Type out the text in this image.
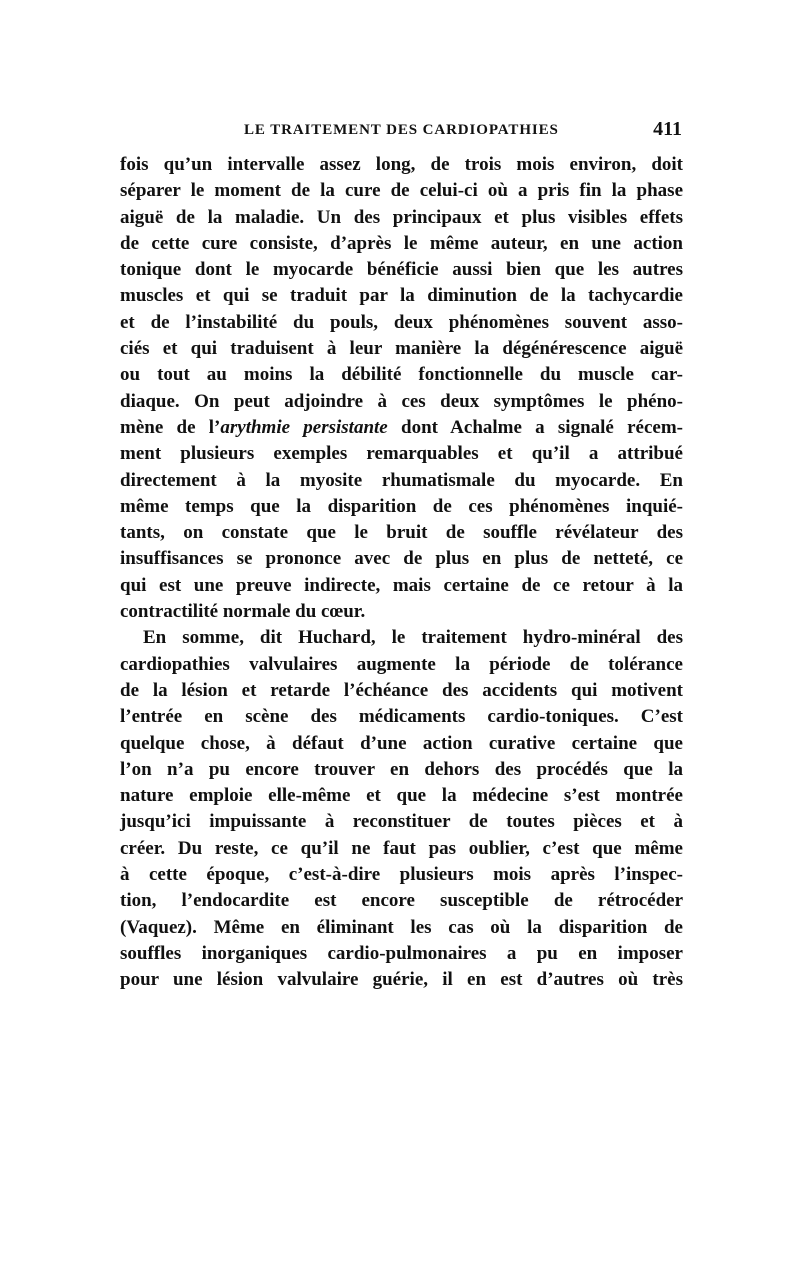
LE TRAITEMENT DES CARDIOPATHIES	411
fois qu’un intervalle assez long, de trois mois environ, doit
séparer le moment de la cure de celui-ci où a pris fin la phase
aiguë de la maladie. Un des principaux et plus visibles effets
de cette cure consiste, d’après le même auteur, en une action
tonique dont le myocarde bénéficie aussi bien que les autres
muscles et qui se traduit par la diminution de la tachycardie
et de l’instabilité du pouls, deux phénomènes souvent asso-
ciés et qui traduisent à leur manière la dégénérescence aiguë
ou tout au moins la débilité fonctionnelle du muscle car-
diaque. On peut adjoindre à ces deux symptômes le phéno-
mène de l’arythmie persistante dont Achalme a signalé récem-
ment plusieurs exemples remarquables et qu’il a attribué
directement à la myosite rhumatismale du myocarde. En
même temps que la disparition de ces phénomènes inquié-
tants, on constate que le bruit de souffle révélateur des
insuffisances se prononce avec de plus en plus de netteté, ce
qui est une preuve indirecte, mais certaine de ce retour à la
contractilité normale du cœur.
En somme, dit Huchard, le traitement hydro-minéral des
cardiopathies valvulaires augmente la période de tolérance
de la lésion et retarde l’échéance des accidents qui motivent
l’entrée en scène des médicaments cardio-toniques. C’est
quelque chose, à défaut d’une action curative certaine que
l’on n’a pu encore trouver en dehors des procédés que la
nature emploie elle-même et que la médecine s’est montrée
jusqu’ici impuissante à reconstituer de toutes pièces et à
créer. Du reste, ce qu’il ne faut pas oublier, c’est que même
à cette époque, c’est-à-dire plusieurs mois après l’inspec-
tion, l’endocardite est encore susceptible de rétrocéder
(Vaquez). Même en éliminant les cas où la disparition de
souffles inorganiques cardio-pulmonaires a pu en imposer
pour une lésion valvulaire guérie, il en est d’autres où très
